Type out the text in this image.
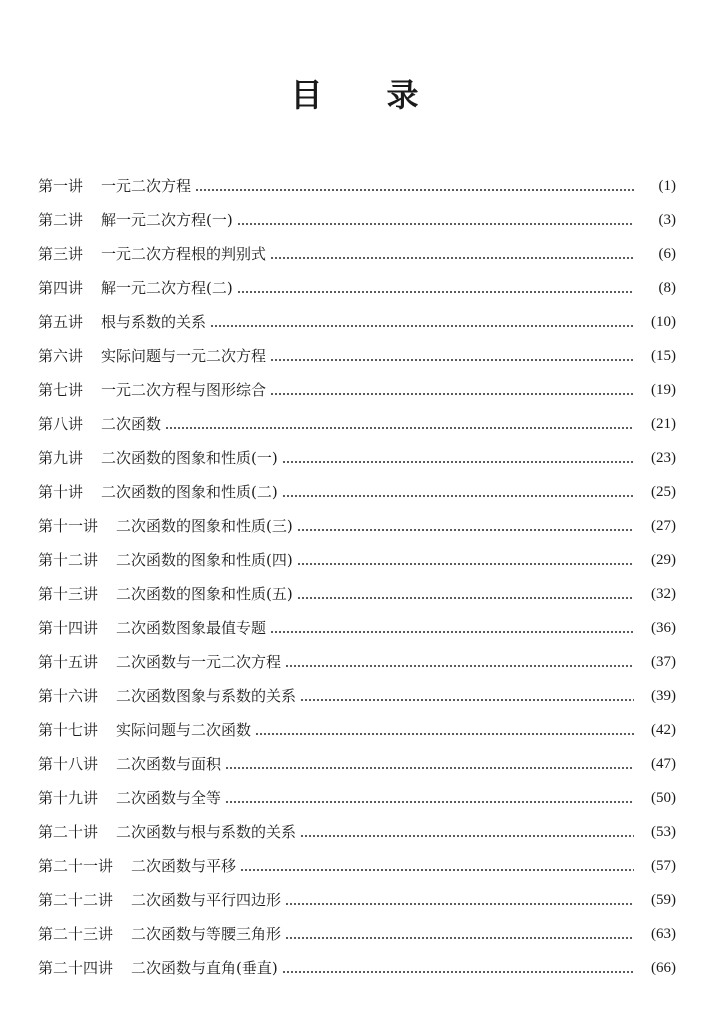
目 录
第一讲 一元二次方程	(1)
第二讲 解一元二次方程(一)	(3)
第三讲 一元二次方程根的判别式	(6)
第四讲 解一元二次方程(二)	(8)
第五讲 根与系数的关系	(10)
第六讲 实际问题与一元二次方程	(15)
第七讲 一元二次方程与图形综合	(19)
第八讲 二次函数	(21)
第九讲 二次函数的图象和性质(一)	(23)
第十讲 二次函数的图象和性质(二)	(25)
第十一讲 二次函数的图象和性质(三)	(27)
第十二讲 二次函数的图象和性质(四)	(29)
第十三讲 二次函数的图象和性质(五)	(32)
第十四讲 二次函数图象最值专题	(36)
第十五讲 二次函数与一元二次方程	(37)
第十六讲 二次函数图象与系数的关系	(39)
第十七讲 实际问题与二次函数	(42)
第十八讲 二次函数与面积	(47)
第十九讲 二次函数与全等	(50)
第二十讲 二次函数与根与系数的关系	(53)
第二十一讲 二次函数与平移	(57)
第二十二讲 二次函数与平行四边形	(59)
第二十三讲 二次函数与等腰三角形	(63)
第二十四讲 二次函数与直角(垂直)	(66)
